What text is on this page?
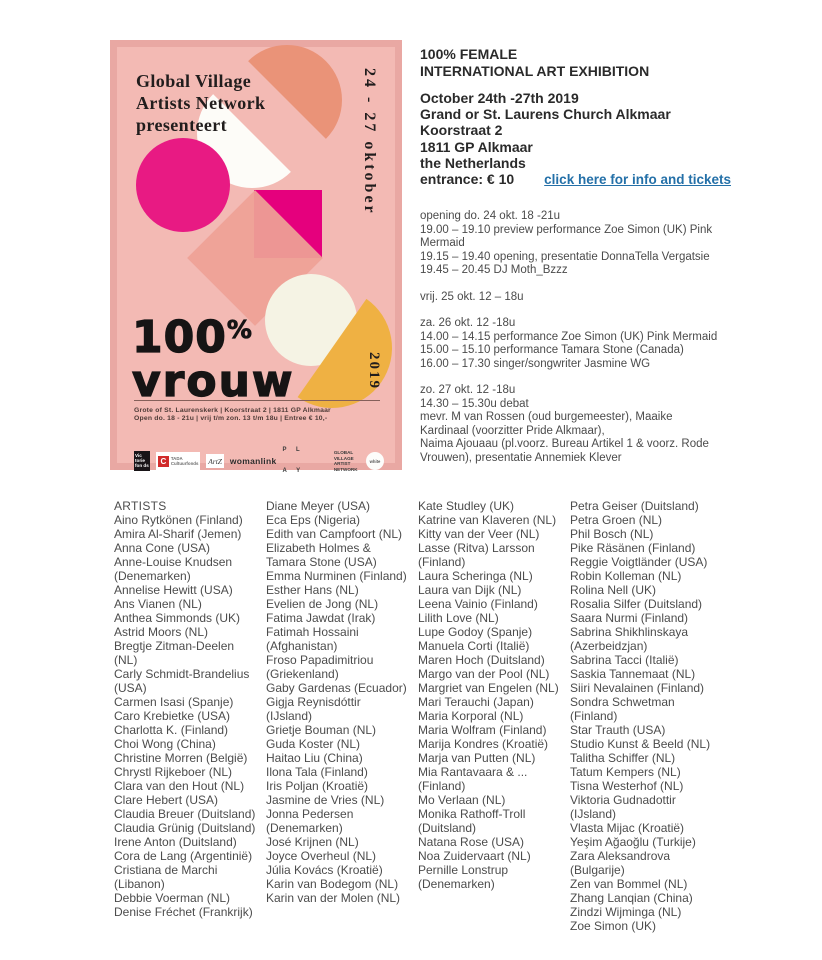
Global Village
Artists Network
presenteert	24 - 27 oktober
2019
100%
vrouw
Grote of St. Laurenskerk | Koorstraat 2 | 1811 GP Alkmaar
Open do. 18 - 21u | vrij t/m zon. 13 t/m 18u | Entree € 10,-
Vic torie fon ds	C	TADA Cultuurfonds ArtZ womanlink

P L

A Y

GLOBAL VILLAGE ARTIST NETWORK
white
100% FEMALE
INTERNATIONAL ART EXHIBITION
October 24th -27th 2019
Grand or St. Laurens Church Alkmaar
Koorstraat 2
1811 GP Alkmaar
the Netherlands
entrance: € 10 click here for info and tickets

opening do. 24 okt. 18 -21u

19.00 – 19.10 preview performance Zoe Simon (UK) Pink Mermaid

19.15 – 19.40 opening, presentatie DonnaTella Vergatsie

19.45 – 20.45 DJ Moth_Bzzz

vrij. 25 okt. 12 – 18u

za. 26 okt. 12 -18u

14.00 – 14.15 performance Zoe Simon (UK) Pink Mermaid

15.00 – 15.10 performance Tamara Stone (Canada)

16.00 – 17.30 singer/songwriter Jasmine WG

zo. 27 okt. 12 -18u

14.30 – 15.30u debat

mevr. M van Rossen (oud burgemeester), Maaike Kardinaal (voorzitter Pride Alkmaar),

Naima Ajouaau (pl.voorz. Bureau Artikel 1 & voorz. Rode Vrouwen), presentatie Annemiek Klever

ARTISTS

Aino Rytkönen (Finland)

Amira Al-Sharif (Jemen)

Anna Cone (USA)

Anne-Louise Knudsen (Denemarken)

Annelise Hewitt (USA)

Ans Vianen (NL)

Anthea Simmonds (UK)

Astrid Moors (NL)

Bregtje Zitman-Deelen (NL)

Carly Schmidt-Brandelius (USA)

Carmen Isasi (Spanje)

Caro Krebietke (USA)

Charlotta K. (Finland)

Choi Wong (China)

Christine Morren (België)

Chrystl Rijkeboer (NL)

Clara van den Hout (NL)

Clare Hebert (USA)

Claudia Breuer (Duitsland)

Claudia Grünig (Duitsland)

Irene Anton (Duitsland)

Cora de Lang (Argentinië)

Cristiana de Marchi (Libanon)

Debbie Voerman (NL)

Denise Fréchet (Frankrijk)

Diane Meyer (USA)

Eca Eps (Nigeria)

Edith van Campfoort (NL)

Elizabeth Holmes & Tamara Stone (USA)

Emma Nurminen (Finland)

Esther Hans (NL)

Evelien de Jong (NL)

Fatima Jawdat (Irak)

Fatimah Hossaini (Afghanistan)

Froso Papadimitriou (Griekenland)

Gaby Gardenas (Ecuador)

Gigja Reynisdóttir (IJsland)

Grietje Bouman (NL)

Guda Koster (NL)

Haitao Liu (China)

Ilona Tala (Finland)

Iris Poljan (Kroatië)

Jasmine de Vries (NL)

Jonna Pedersen (Denemarken)

José Krijnen (NL)

Joyce Overheul (NL)

Júlia Kovács (Kroatië)

Karin van Bodegom (NL)

Karin van der Molen (NL)

Kate Studley (UK)

Katrine van Klaveren (NL)

Kitty van der Veer (NL)

Lasse (Ritva) Larsson (Finland)

Laura Scheringa (NL)

Laura van Dijk (NL)

Leena Vainio (Finland)

Lilith Love (NL)

Lupe Godoy (Spanje)

Manuela Corti (Italië)

Maren Hoch (Duitsland)

Margo van der Pool (NL)

Margriet van Engelen (NL)

Mari Terauchi (Japan)

Maria Korporal (NL)

Maria Wolfram (Finland)

Marija Kondres (Kroatië)

Marja van Putten (NL)

Mia Rantavaara & ... (Finland)

Mo Verlaan (NL)

Monika Rathoff-Troll (Duitsland)

Natana Rose (USA)

Noa Zuidervaart (NL)

Pernille Lonstrup (Denemarken)

Petra Geiser (Duitsland)

Petra Groen (NL)

Phil Bosch (NL)

Pike Räsänen (Finland)

Reggie Voigtländer (USA)

Robin Kolleman (NL)

Rolina Nell (UK)

Rosalia Silfer (Duitsland)

Saara Nurmi (Finland)

Sabrina Shikhlinskaya (Azerbeidzjan)

Sabrina Tacci (Italië)

Saskia Tannemaat (NL)

Siiri Nevalainen (Finland)

Sondra Schwetman (Finland)

Star Trauth (USA)

Studio Kunst & Beeld (NL)

Talitha Schiffer (NL)

Tatum Kempers (NL)

Tisna Westerhof (NL)

Viktoria Gudnadottir (IJsland)

Vlasta Mijac (Kroatië)

Yeşim Ağaoğlu (Turkije)

Zara Aleksandrova (Bulgarije)

Zen van Bommel (NL)

Zhang Lanqian (China)

Zindzi Wijminga (NL)

Zoe Simon (UK)
